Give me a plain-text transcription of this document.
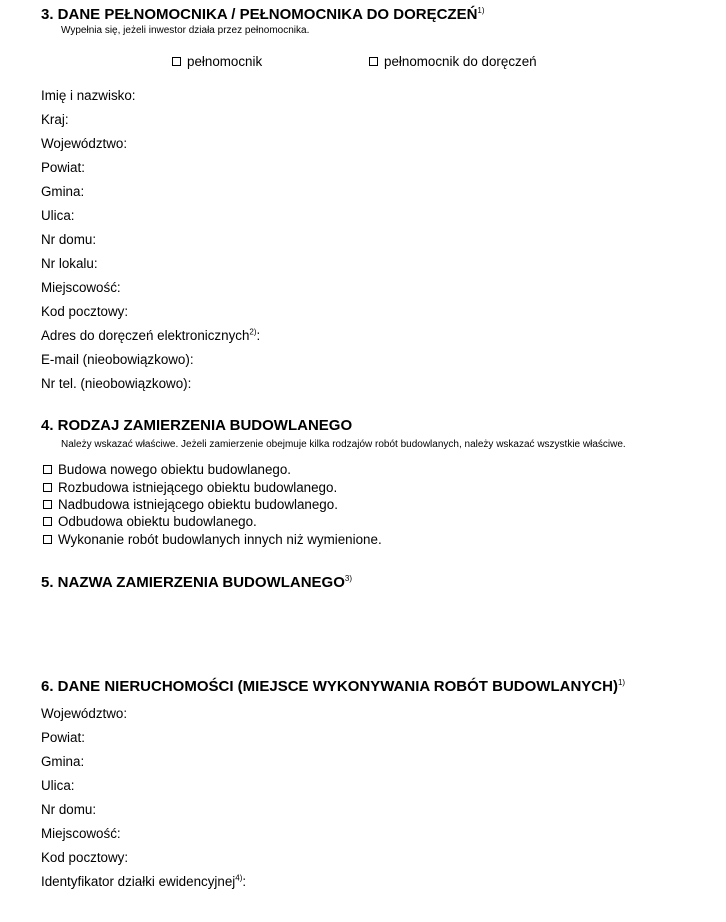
3. DANE PEŁNOMOCNIKA / PEŁNOMOCNIKA DO DORĘCZEŃ$^{1)}$
Wypełnia się, jeżeli inwestor działa przez pełnomocnika.
pełnomocnik	pełnomocnik do doręczeń
Imię i nazwisko:
Kraj:
Województwo:
Powiat:
Gmina:
Ulica:
Nr domu:
Nr lokalu:
Miejscowość:
Kod pocztowy:
Adres do doręczeń elektronicznych$^{2)}$:
E-mail (nieobowiązkowo):
Nr tel. (nieobowiązkowo):
4. RODZAJ ZAMIERZENIA BUDOWLANEGO
Należy wskazać właściwe. Jeżeli zamierzenie obejmuje kilka rodzajów robót budowlanych, należy wskazać wszystkie właściwe.
Budowa nowego obiektu budowlanego.
Rozbudowa istniejącego obiektu budowlanego.
Nadbudowa istniejącego obiektu budowlanego.
Odbudowa obiektu budowlanego.
Wykonanie robót budowlanych innych niż wymienione.
5. NAZWA ZAMIERZENIA BUDOWLANEGO$^{3)}$
6. DANE NIERUCHOMOŚCI (MIEJSCE WYKONYWANIA ROBÓT BUDOWLANYCH)$^{1)}$
Województwo:
Powiat:
Gmina:
Ulica:
Nr domu:
Miejscowość:
Kod pocztowy:
Identyfikator działki ewidencyjnej$^{4)}$:
